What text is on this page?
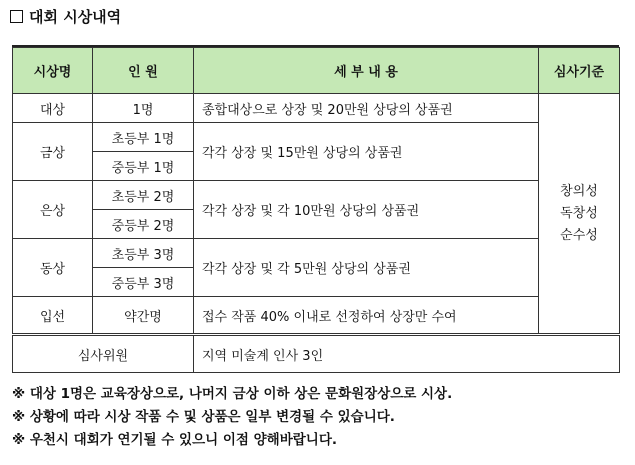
대회 시상내역
시상명	인 원	세 부 내 용	심사기준
대상	1명	종합대상으로 상장 및 20만원 상당의 상품권	창의성
독창성
순수성

금상	초등부 1명	각각 상장 및 15만원 상당의 상품권	
	중등부 1명		
은상	초등부 2명	각각 상장 및 각 10만원 상당의 상품권	
	중등부 2명		
동상	초등부 3명	각각 상장 및 각 5만원 상당의 상품권	
	중등부 3명		
입선	약간명	접수 작품 40% 이내로 선정하여 상장만 수여	
심사위원		지역 미술계 인사 3인	
※ 대상 1명은 교육장상으로, 나머지 금상 이하 상은 문화원장상으로 시상.
※ 상황에 따라 시상 작품 수 및 상품은 일부 변경될 수 있습니다.
※ 우천시 대회가 연기될 수 있으니 이점 양해바랍니다.
